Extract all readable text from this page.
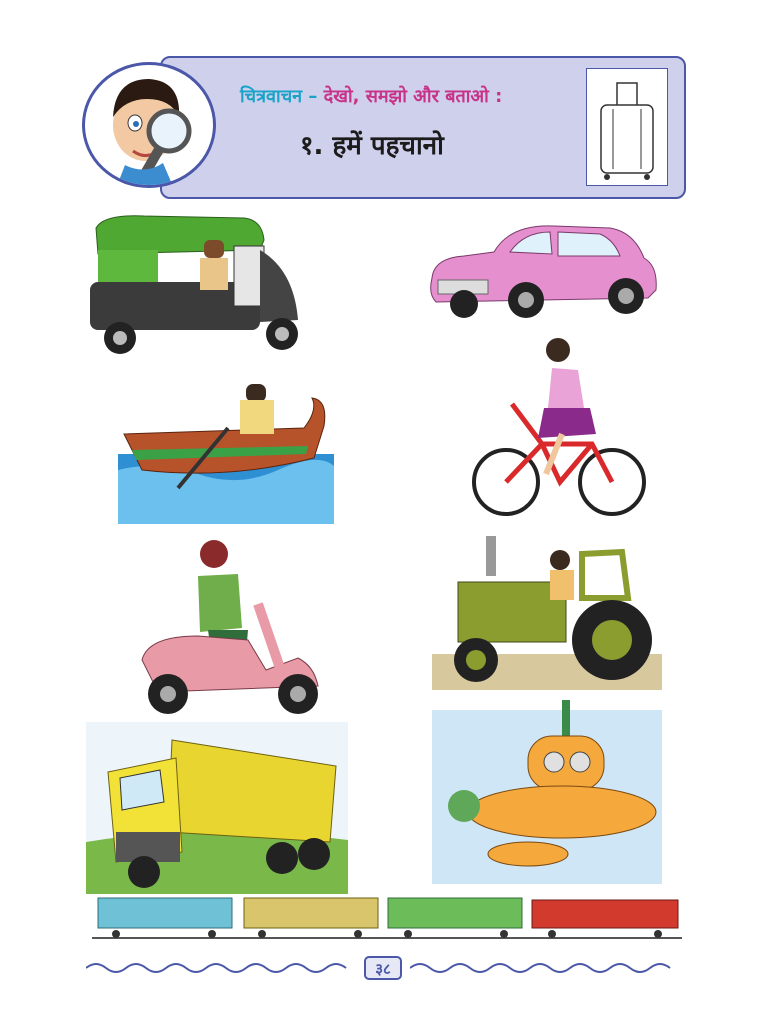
चित्रवाचन – देखो, समझो और बताओ :
१. हमें पहचानो
३८
